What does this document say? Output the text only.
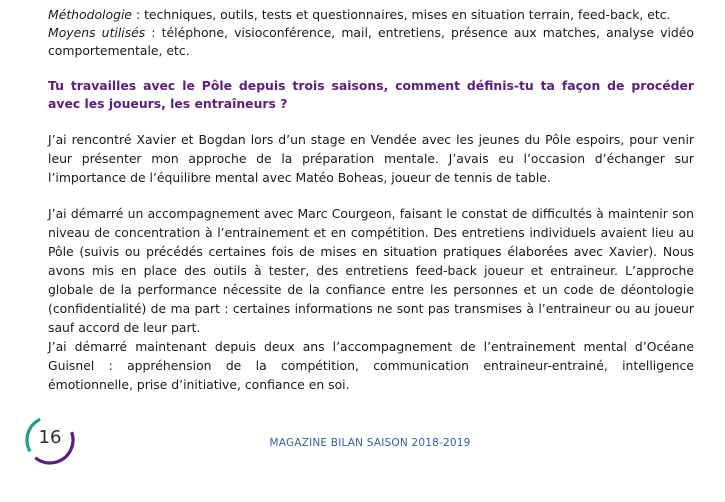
Méthodologie : techniques, outils, tests et questionnaires, mises en situation terrain, feed-back, etc.

Moyens utilisés : téléphone, visioconférence, mail, entretiens, présence aux matches, analyse vidéo comportementale, etc.

Tu travailles avec le Pôle depuis trois saisons, comment définis-tu ta façon de procéder avec les joueurs, les entraîneurs ?

J’ai rencontré Xavier et Bogdan lors d’un stage en Vendée avec les jeunes du Pôle espoirs, pour venir leur présenter mon approche de la préparation mentale. J’avais eu l’occasion d’échanger sur l’importance de l’équilibre mental avec Matéo Boheas, joueur de tennis de table.

J’ai démarré un accompagnement avec Marc Courgeon, faisant le constat de difficultés à maintenir son niveau de concentration à l’entrainement et en compétition. Des entretiens individuels avaient lieu au Pôle (suivis ou précédés certaines fois de mises en situation pratiques élaborées avec Xavier). Nous avons mis en place des outils à tester, des entretiens feed-back joueur et entraineur. L’approche globale de la performance nécessite de la confiance entre les personnes et un code de déontologie (confidentialité) de ma part : certaines informations ne sont pas transmises à l’entraineur ou au joueur sauf accord de leur part.

J’ai démarré maintenant depuis deux ans l’accompagnement de l’entrainement mental d’Océane Guisnel : appréhension de la compétition, communication entraineur-entrainé, intelligence émotionnelle, prise d’initiative, confiance en soi.

16	MAGAZINE BILAN SAISON 2018-2019
